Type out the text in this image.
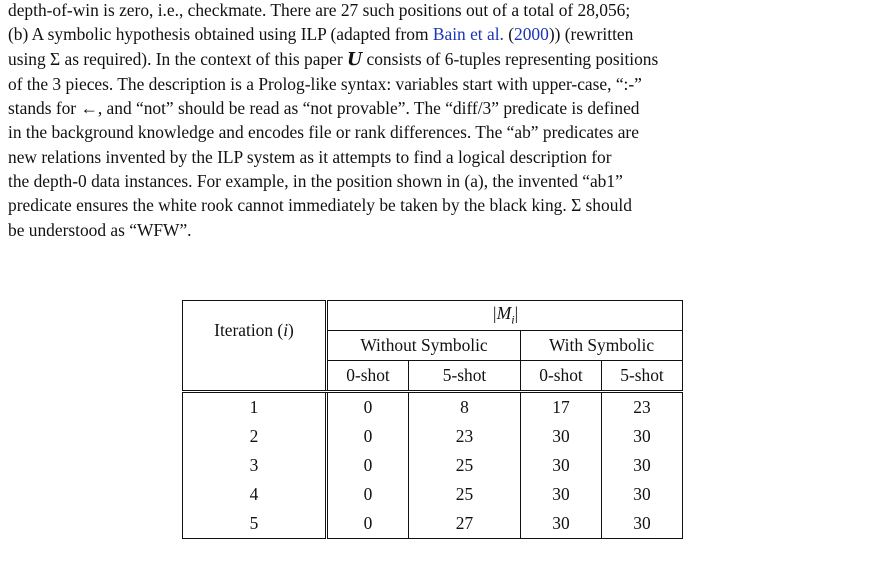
depth-of-win is zero, i.e., checkmate. There are 27 such positions out of a total of 28,056;
(b) A symbolic hypothesis obtained using ILP (adapted from Bain et al. (2000)) (rewritten
using Σ as required). In the context of this paper U consists of 6-tuples representing positions
of the 3 pieces. The description is a Prolog-like syntax: variables start with upper-case, “:-”
stands for ←, and “not” should be read as “not provable”. The “diff/3” predicate is defined
in the background knowledge and encodes file or rank differences. The “ab” predicates are
new relations invented by the ILP system as it attempts to find a logical description for
the depth-0 data instances. For example, in the position shown in (a), the invented “ab1”
predicate ensures the white rook cannot immediately be taken by the black king. Σ should
be understood as “WFW”.
Iteration (i)	$|M_i|$			
	Without Symbolic		With Symbolic	
	0-shot	5-shot	0-shot	5-shot
1	0	8	17	23
2	0	23	30	30
3	0	25	30	30
4	0	25	30	30
5	0	27	30	30
